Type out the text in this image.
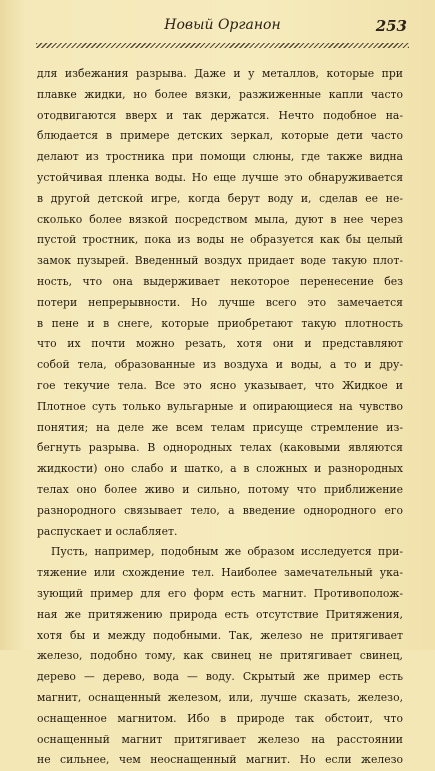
Новый Органон	253
для избежания разрыва. Даже и у металлов, которые при
плавке жидки, но более вязки, разжиженные капли часто
отодвигаются вверх и так держатся. Нечто подобное на-
блюдается в примере детских зеркал, которые дети часто
делают из тростника при помощи слюны, где также видна
устойчивая пленка воды. Но еще лучше это обнаруживается
в другой детской игре, когда берут воду и, сделав ее не-
сколько более вязкой посредством мыла, дуют в нее через
пустой тростник, пока из воды не образуется как бы целый
замок пузырей. Введенный воздух придает воде такую плот-
ность, что она выдерживает некоторое перенесение без
потери непрерывности. Но лучше всего это замечается
в пене и в снеге, которые приобретают такую плотность
что их почти можно резать, хотя они и представляют
собой тела, образованные из воздуха и воды, а то и дру-
гое текучие тела. Все это ясно указывает, что Жидкое и
Плотное суть только вульгарные и опирающиеся на чувство
понятия; на деле же всем телам присуще стремление из-
бегнуть разрыва. В однородных телах (каковыми являются
жидкости) оно слабо и шатко, а в сложных и разнородных
телах оно более живо и сильно, потому что приближение
разнородного связывает тело, а введение однородного его
распускает и ослабляет.
Пусть, например, подобным же образом исследуется при-
тяжение или схождение тел. Наиболее замечательный ука-
зующий пример для его форм есть магнит. Противополож-
ная же притяжению природа есть отсутствие Притяжения,
хотя бы и между подобными. Так, железо не притягивает
железо, подобно тому, как свинец не притягивает свинец,
дерево — дерево, вода — воду. Скрытый же пример есть
магнит, оснащенный железом, или, лучше сказать, железо,
оснащенное магнитом. Ибо в природе так обстоит, что
оснащенный магнит притягивает железо на расстоянии
не сильнее, чем неоснащенный магнит. Но если железо
